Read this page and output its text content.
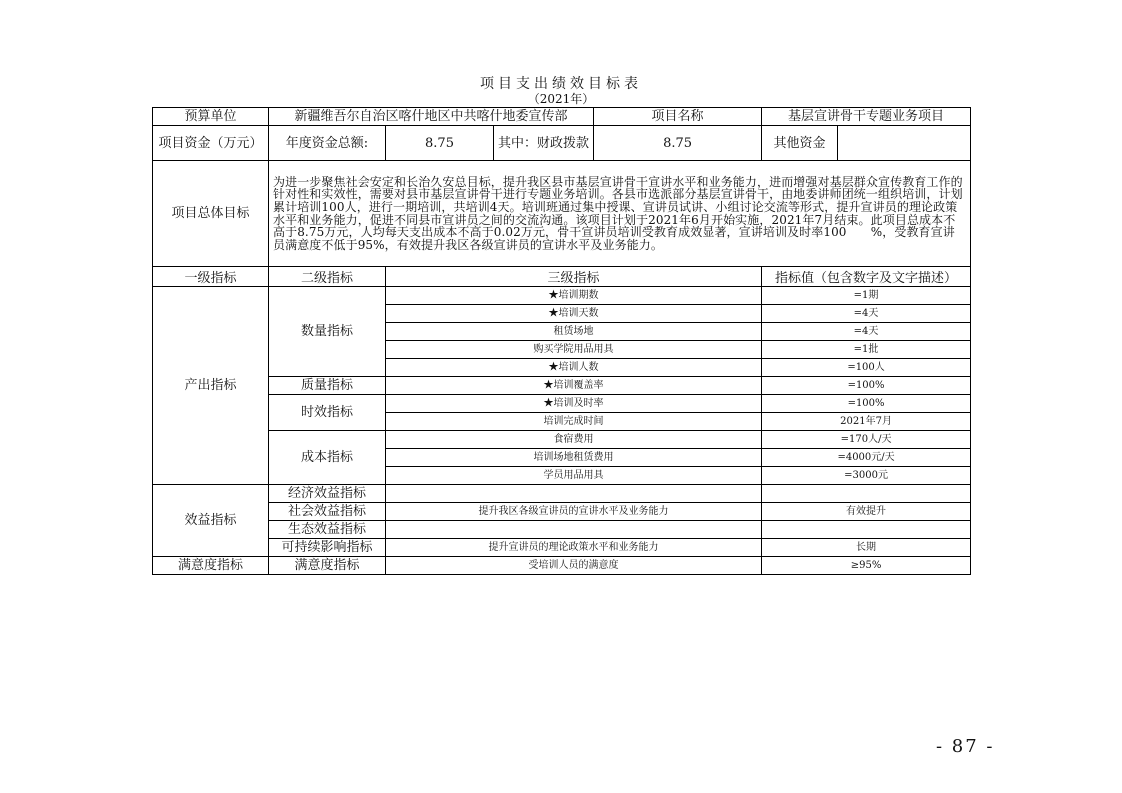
项目支出绩效目标表
（2021年）
预算单位	新疆维吾尔自治区喀什地区中共喀什地委宣传部			项目名称	基层宣讲骨干专题业务项目	
项目资金（万元）	年度资金总额:	8.75	其中：财政拨款	8.75	其他资金	
项目总体目标	为进一步聚焦社会安定和长治久安总目标，提升我区县市基层宣讲骨干宣讲水平和业务能力，进而增强对基层群众宣传教育工作的针对性和实效性，需要对县市基层宣讲骨干进行专题业务培训。各县市选派部分基层宣讲骨干，由地委讲师团统一组织培训，计划累计培训100人，进行一期培训，共培训4天。培训班通过集中授课、宣讲员试讲、小组讨论交流等形式，提升宣讲员的理论政策水平和业务能力，促进不同县市宣讲员之间的交流沟通。该项目计划于2021年6月开始实施，2021年7月结束。此项目总成本不高于8.75万元，人均每天支出成本不高于0.02万元，骨干宣讲员培训受教育成效显著，宣讲培训及时率100　　%，受教育宣讲员满意度不低于95%，有效提升我区各级宣讲员的宣讲水平及业务能力。					
一级指标	二级指标	三级指标			指标值（包含数字及文字描述）	
产出指标	数量指标	★培训期数			=1期	
		★培训天数			=4天	
		租赁场地			=4天	
		购买学院用品用具			=1批	
		★培训人数			=100人	
	质量指标	★培训覆盖率			=100%	
	时效指标	★培训及时率			=100%	
		培训完成时间			2021年7月	
	成本指标	食宿费用			=170人/天	
		培训场地租赁费用			=4000元/天	
		学员用品用具			=3000元	
效益指标	经济效益指标					
	社会效益指标	提升我区各级宣讲员的宣讲水平及业务能力			有效提升	
	生态效益指标					
	可持续影响指标	提升宣讲员的理论政策水平和业务能力			长期	
满意度指标	满意度指标	受培训人员的满意度			≥95%	
- 87 -
